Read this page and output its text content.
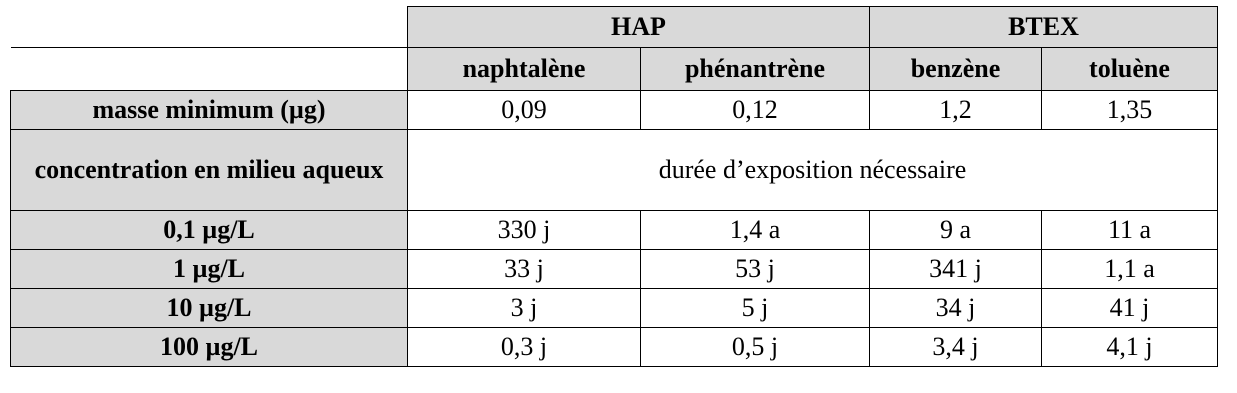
	HAP		BTEX	
	naphtalène	phénantrène	benzène	toluène
masse minimum (µg)	0,09	0,12	1,2	1,35
concentration en milieu aqueux	durée d’exposition nécessaire			
0,1 µg/L	330 j	1,4 a	9 a	11 a
1 µg/L	33 j	53 j	341 j	1,1 a
10 µg/L	3 j	5 j	34 j	41 j
100 µg/L	0,3 j	0,5 j	3,4 j	4,1 j
